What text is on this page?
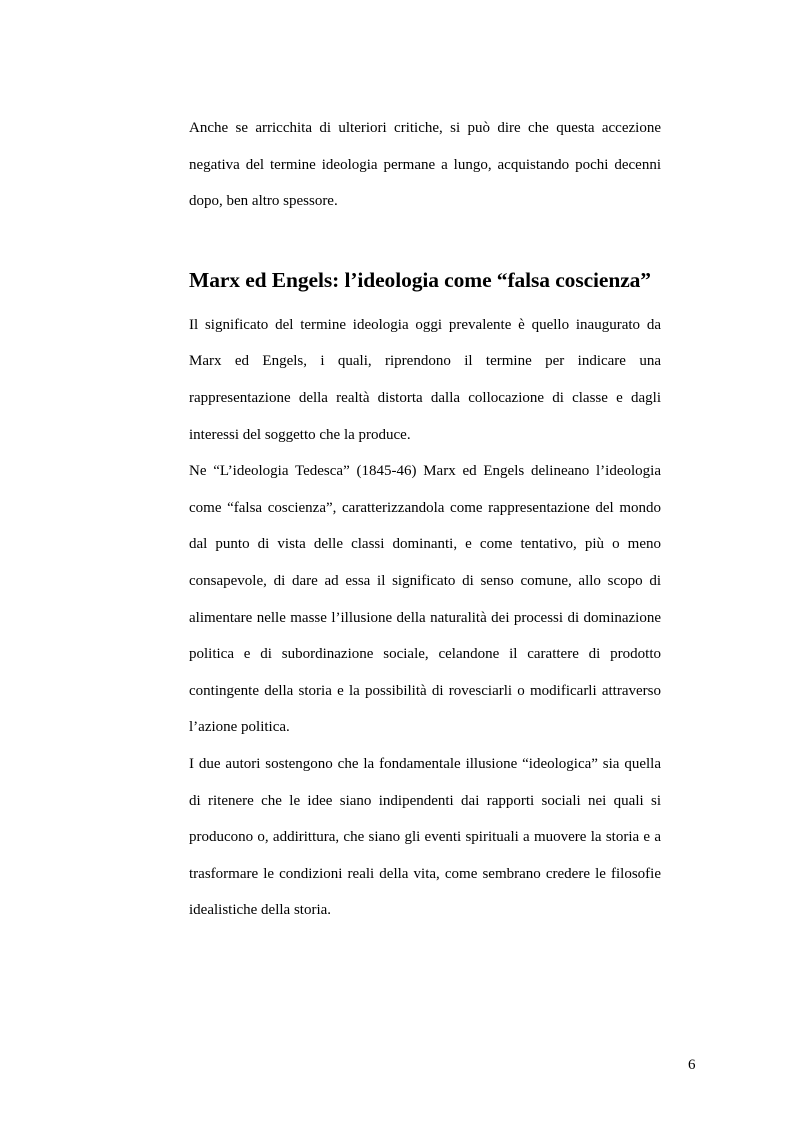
Anche se arricchita di ulteriori critiche, si può dire che questa accezione negativa del termine ideologia permane a lungo, acquistando pochi decenni dopo, ben altro spessore.

Marx ed Engels: l’ideologia come “falsa coscienza”

Il significato del termine ideologia oggi prevalente è quello inaugurato da Marx ed Engels, i quali, riprendono il termine per indicare una rappresentazione della realtà distorta dalla collocazione di classe e dagli interessi del soggetto che la produce.

Ne “L’ideologia Tedesca” (1845-46) Marx ed Engels delineano l’ideologia come “falsa coscienza”, caratterizzandola come rappresentazione del mondo dal punto di vista delle classi dominanti, e come tentativo, più o meno consapevole, di dare ad essa il significato di senso comune, allo scopo di alimentare nelle masse l’illusione della naturalità dei processi di dominazione politica e di subordinazione sociale, celandone il carattere di prodotto contingente della storia e la possibilità di rovesciarli o modificarli attraverso l’azione politica.

I due autori sostengono che la fondamentale illusione “ideologica” sia quella di ritenere che le idee siano indipendenti dai rapporti sociali nei quali si producono o, addirittura, che siano gli eventi spirituali a muovere la storia e a trasformare le condizioni reali della vita, come sembrano credere le filosofie idealistiche della storia.

6
